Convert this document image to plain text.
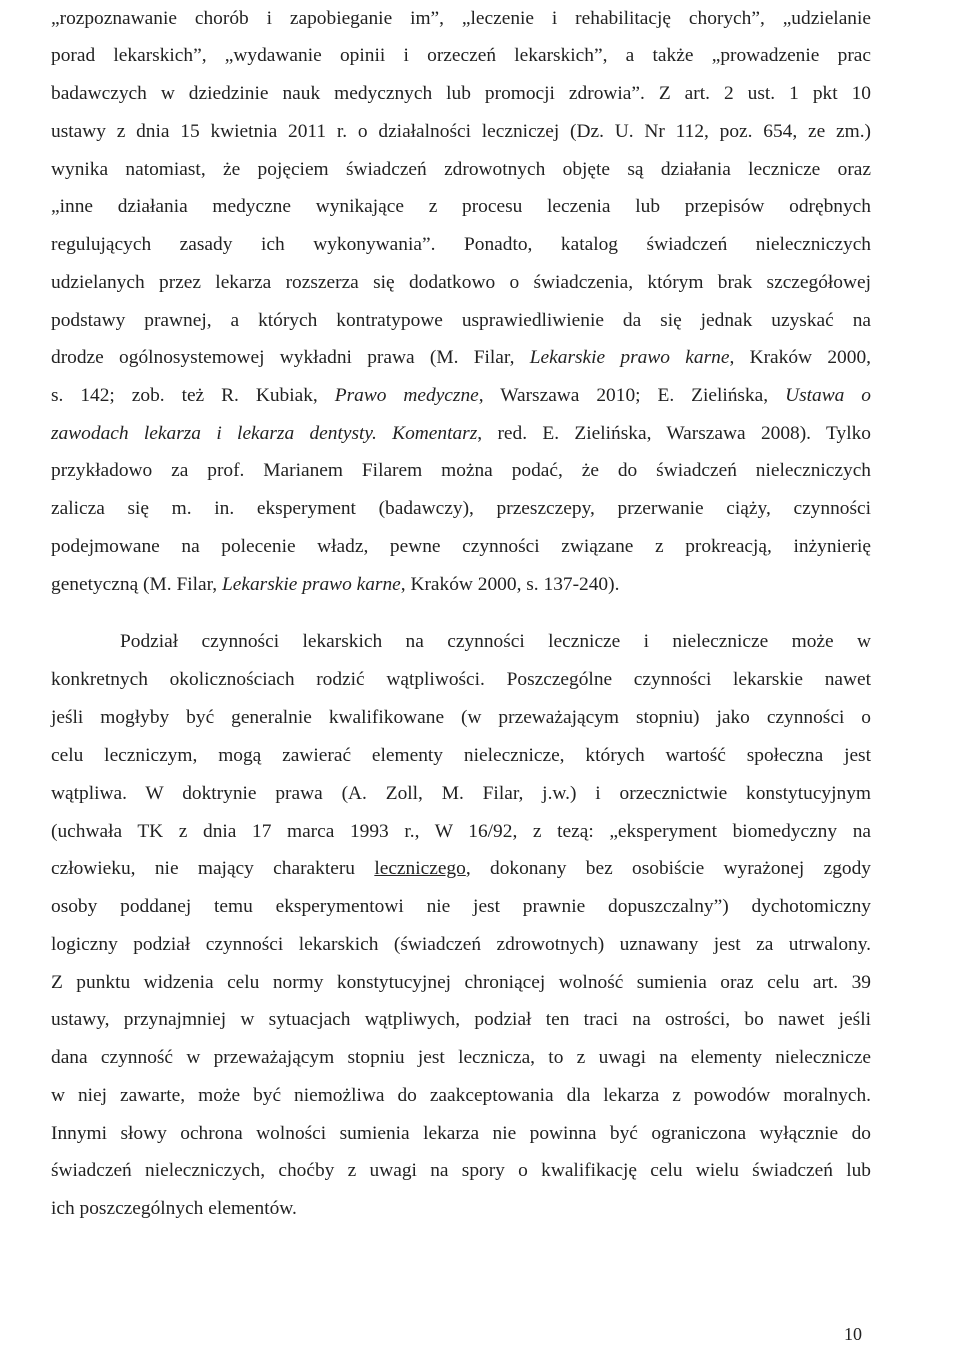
„rozpoznawanie chorób i zapobieganie im”, „leczenie i rehabilitację chorych”, „udzielanie
porad lekarskich”, „wydawanie opinii i orzeczeń lekarskich”, a także „prowadzenie prac
badawczych w dziedzinie nauk medycznych lub promocji zdrowia”. Z art. 2 ust. 1 pkt 10
ustawy z dnia 15 kwietnia 2011 r. o działalności leczniczej (Dz. U. Nr 112, poz. 654, ze zm.)
wynika natomiast, że pojęciem świadczeń zdrowotnych objęte są działania lecznicze oraz
„inne działania medyczne wynikające z procesu leczenia lub przepisów odrębnych
regulujących zasady ich wykonywania”. Ponadto, katalog świadczeń nieleczniczych
udzielanych przez lekarza rozszerza się dodatkowo o świadczenia, którym brak szczegółowej
podstawy prawnej, a których kontratypowe usprawiedliwienie da się jednak uzyskać na
drodze ogólnosystemowej wykładni prawa (M. Filar, Lekarskie prawo karne, Kraków 2000,
s. 142; zob. też R. Kubiak, Prawo medyczne, Warszawa 2010; E. Zielińska, Ustawa o
zawodach lekarza i lekarza dentysty. Komentarz, red. E. Zielińska, Warszawa 2008). Tylko
przykładowo za prof. Marianem Filarem można podać, że do świadczeń nieleczniczych
zalicza się m. in. eksperyment (badawczy), przeszczepy, przerwanie ciąży, czynności
podejmowane na polecenie władz, pewne czynności związane z prokreacją, inżynierię
genetyczną (M. Filar, Lekarskie prawo karne, Kraków 2000, s. 137-240).
Podział czynności lekarskich na czynności lecznicze i nielecznicze może w
konkretnych okolicznościach rodzić wątpliwości. Poszczególne czynności lekarskie nawet
jeśli mogłyby być generalnie kwalifikowane (w przeważającym stopniu) jako czynności o
celu leczniczym, mogą zawierać elementy nielecznicze, których wartość społeczna jest
wątpliwa. W doktrynie prawa (A. Zoll, M. Filar, j.w.) i orzecznictwie konstytucyjnym
(uchwała TK z dnia 17 marca 1993 r., W 16/92, z tezą: „eksperyment biomedyczny na
człowieku, nie mający charakteru leczniczego, dokonany bez osobiście wyrażonej zgody
osoby poddanej temu eksperymentowi nie jest prawnie dopuszczalny”) dychotomiczny
logiczny podział czynności lekarskich (świadczeń zdrowotnych) uznawany jest za utrwalony.
Z punktu widzenia celu normy konstytucyjnej chroniącej wolność sumienia oraz celu art. 39
ustawy, przynajmniej w sytuacjach wątpliwych, podział ten traci na ostrości, bo nawet jeśli
dana czynność w przeważającym stopniu jest lecznicza, to z uwagi na elementy nielecznicze
w niej zawarte, może być niemożliwa do zaakceptowania dla lekarza z powodów moralnych.
Innymi słowy ochrona wolności sumienia lekarza nie powinna być ograniczona wyłącznie do
świadczeń nieleczniczych, choćby z uwagi na spory o kwalifikację celu wielu świadczeń lub
ich poszczególnych elementów.
10
